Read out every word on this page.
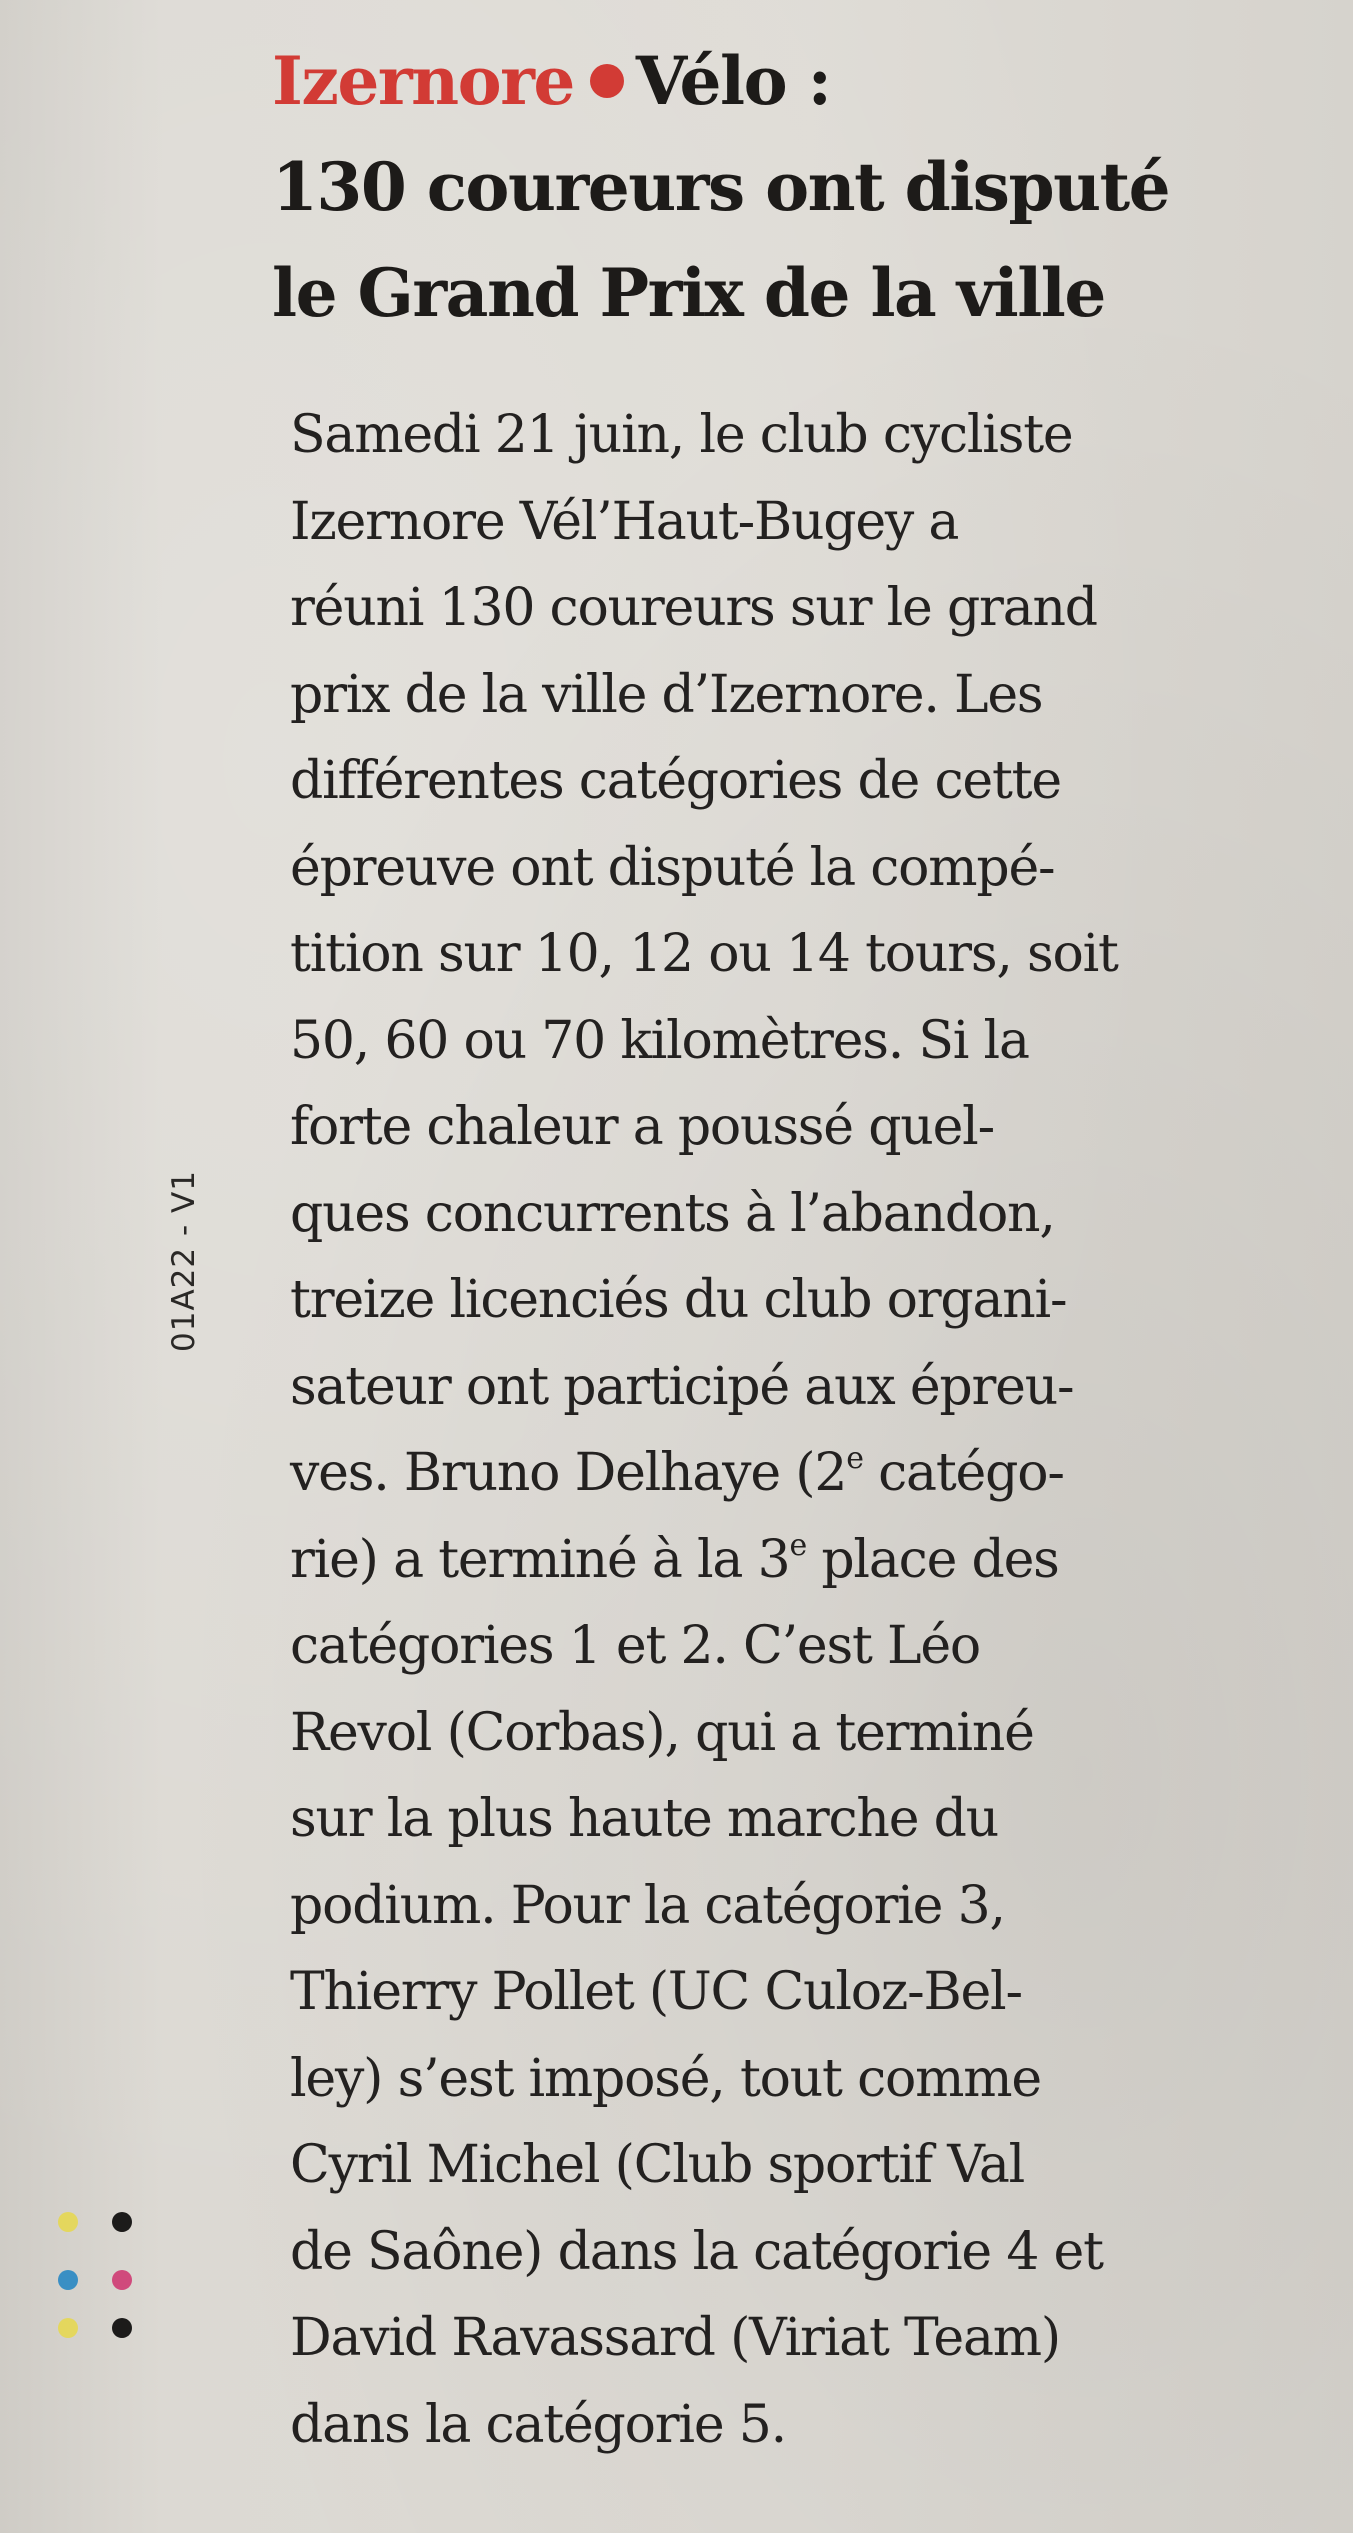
Izernore Vélo :
130 coureurs ont disputé
le Grand Prix de la ville
Samedi 21 juin, le club cycliste
Izernore Vél’Haut-Bugey a
réuni 130 coureurs sur le grand
prix de la ville d’Izernore. Les
différentes catégories de cette
épreuve ont disputé la compé-
tition sur 10, 12 ou 14 tours, soit
50, 60 ou 70 kilomètres. Si la
forte chaleur a poussé quel-
ques concurrents à l’abandon,
treize licenciés du club organi-
sateur ont participé aux épreu-
ves. Bruno Delhaye (2e catégo-
rie) a terminé à la 3e place des
catégories 1 et 2. C’est Léo
Revol (Corbas), qui a terminé
sur la plus haute marche du
podium. Pour la catégorie 3,
Thierry Pollet (UC Culoz-Bel-
ley) s’est imposé, tout comme
Cyril Michel (Club sportif Val
de Saône) dans la catégorie 4 et
David Ravassard (Viriat Team)
dans la catégorie 5.
01A22 - V1
